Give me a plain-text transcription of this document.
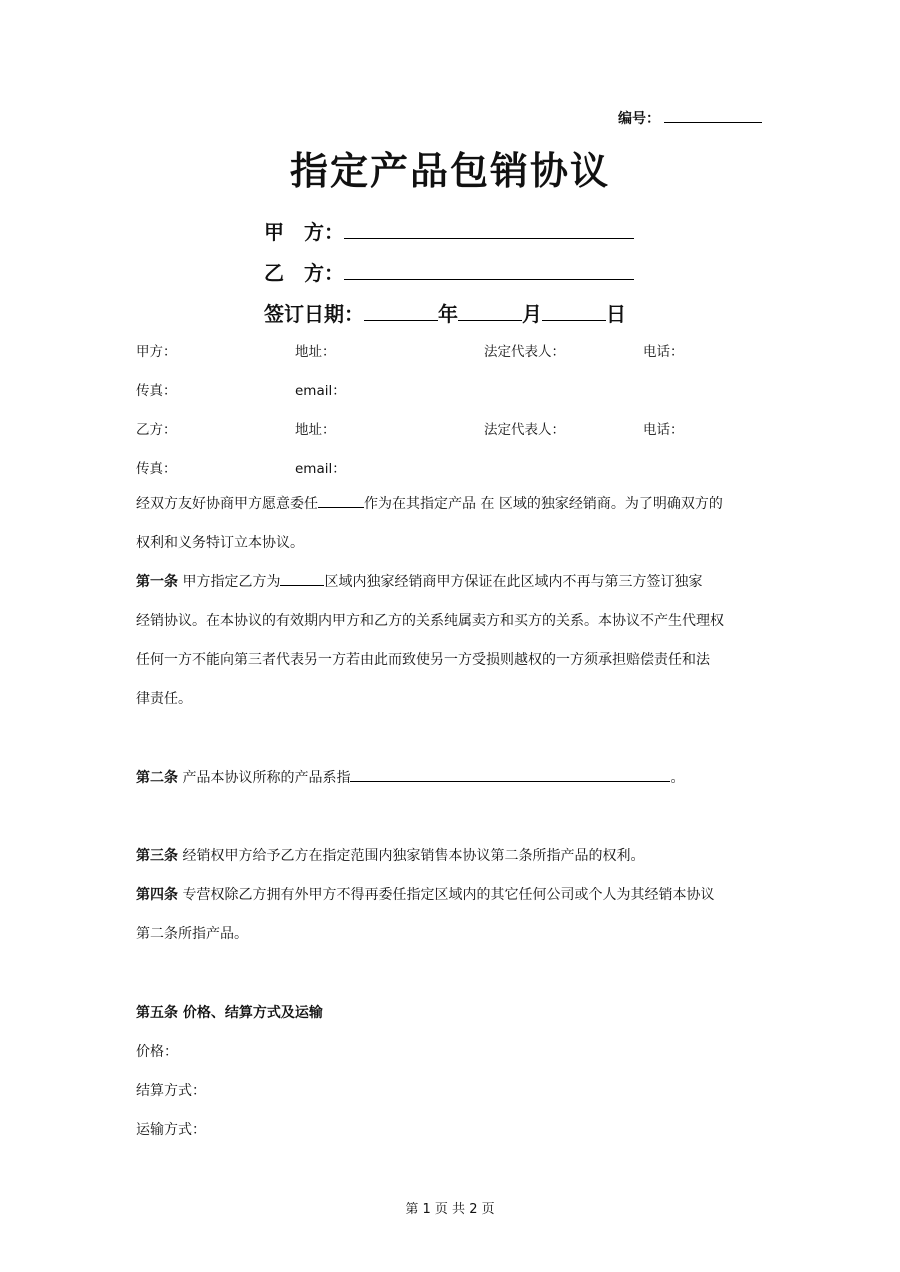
编号：
指定产品包销协议
甲　方：
乙　方：
签订日期：	年	月	日
甲方：	地址：	法定代表人：	电话：
传真：	email：
乙方：	地址：	法定代表人：	电话：
传真：	email：
经双方友好协商甲方愿意委任	作为在其指定产品 在 区域的独家经销商。为了明确双方的
权利和义务特订立本协议。
第一条 甲方指定乙方为	区域内独家经销商甲方保证在此区域内不再与第三方签订独家
经销协议。在本协议的有效期内甲方和乙方的关系纯属卖方和买方的关系。本协议不产生代理权
任何一方不能向第三者代表另一方若由此而致使另一方受损则越权的一方须承担赔偿责任和法
律责任。
第二条 产品本协议所称的产品系指	。
第三条 经销权甲方给予乙方在指定范围内独家销售本协议第二条所指产品的权利。
第四条 专营权除乙方拥有外甲方不得再委任指定区域内的其它任何公司或个人为其经销本协议
第二条所指产品。
第五条 价格、结算方式及运输
价格：
结算方式：
运输方式：
第 1 页 共 2 页
